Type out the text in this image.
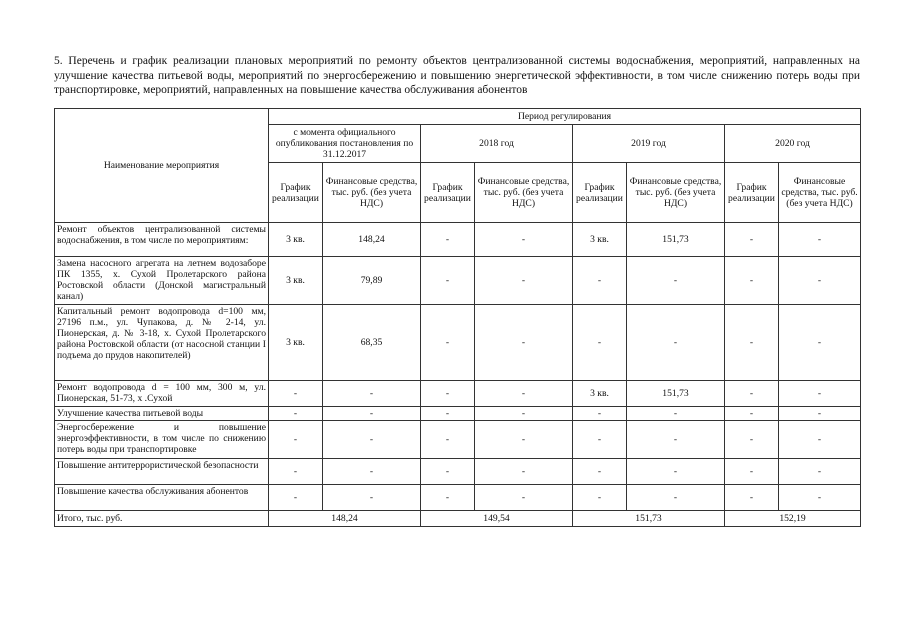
5. Перечень и график реализации плановых мероприятий по ремонту объектов централизованной системы водоснабжения, мероприятий, направленных на улучшение качества питьевой воды, мероприятий по энергосбережению и повышению энергетической эффективности, в том числе снижению потерь воды при транспортировке, мероприятий, направленных на повышение качества обслуживания абонентов
Наименование мероприятия	Период регулирования							
	с момента официального опубликования постановления по 31.12.2017		2018 год		2019 год		2020 год	
	График реализации	Финансовые средства, тыс. руб. (без учета НДС)	График реализации	Финансовые средства, тыс. руб. (без учета НДС)	График реализации	Финансовые средства, тыс. руб. (без учета НДС)	График реализации	Финансовые средства, тыс. руб. (без учета НДС)
Ремонт объектов централизованной системы водоснабжения, в том числе по мероприятиям:	3 кв.	148,24	-	-	3 кв.	151,73	-	-
Замена насосного агрегата на летнем водозаборе ПК 1355, х. Сухой Пролетарского района Ростовской области (Донской магистральный канал)	3 кв.	79,89	-	-	-	-	-	-
Капитальный ремонт водопровода d=100 мм, 27196 п.м., ул. Чупакова, д. № 2-14, ул. Пионерская, д. № 3-18, х. Сухой Пролетарского района Ростовской области (от насосной станции I подъема до прудов накопителей)	3 кв.	68,35	-	-	-	-	-	-
Ремонт водопровода d = 100 мм, 300 м, ул. Пионерская, 51-73, х .Сухой	-	-	-	-	3 кв.	151,73	-	-
Улучшение качества питьевой воды	-	-	-	-	-	-	-	-
Энергосбережение и повышение энергоэффективности, в том числе по снижению потерь воды при транспортировке	-	-	-	-	-	-	-	-
Повышение антитеррористической безопасности	-	-	-	-	-	-	-	-
Повышение качества обслуживания абонентов	-	-	-	-	-	-	-	-
Итого, тыс. руб.	148,24		149,54		151,73		152,19	
